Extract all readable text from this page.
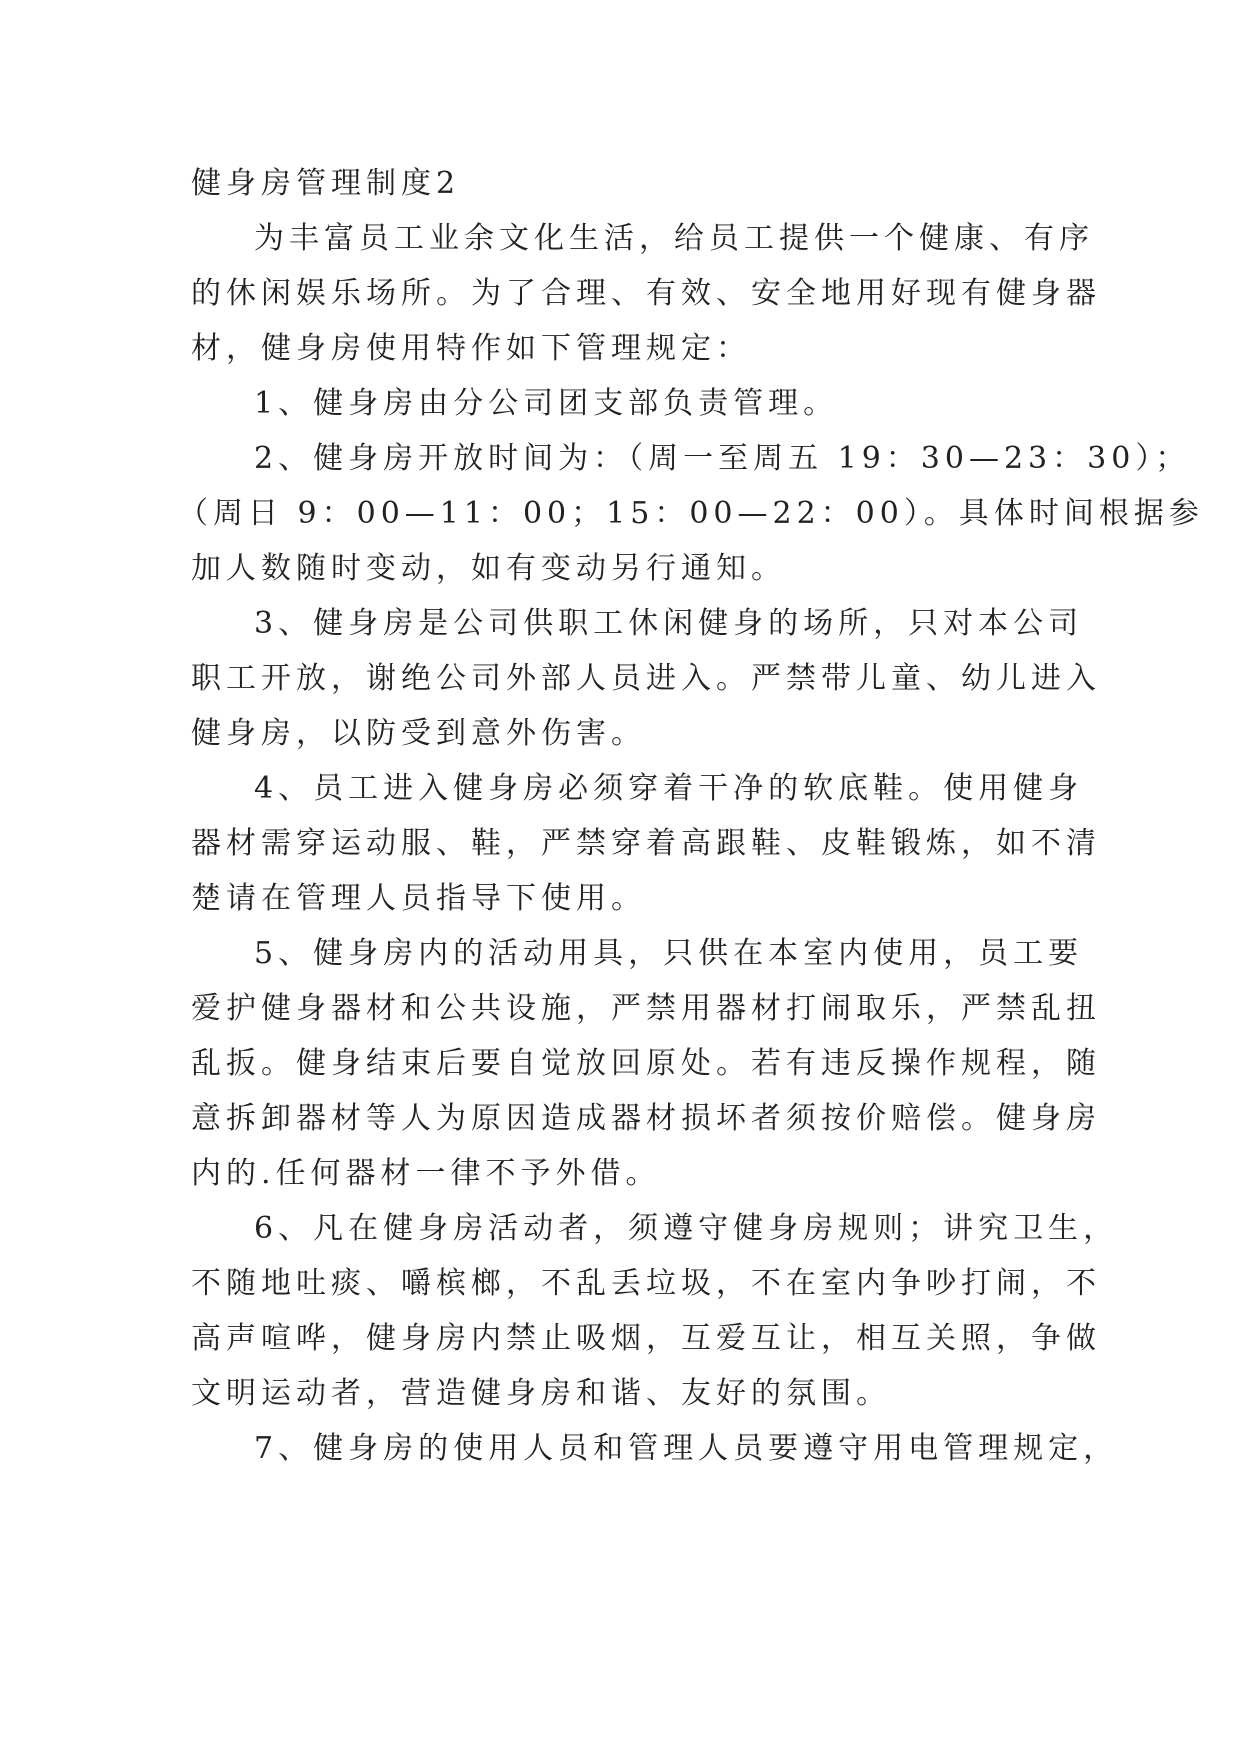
健身房管理制度2

为丰富员工业余文化生活，给员工提供一个健康、有序

的休闲娱乐场所。为了合理、有效、安全地用好现有健身器

材，健身房使用特作如下管理规定：

1、健身房由分公司团支部负责管理。

2、健身房开放时间为：（周一至周五 19：30—23：30）；

（周日 9：00—11：00；15：00—22：00）。具体时间根据参

加人数随时变动，如有变动另行通知。

3、健身房是公司供职工休闲健身的场所，只对本公司

职工开放，谢绝公司外部人员进入。严禁带儿童、幼儿进入

健身房，以防受到意外伤害。

4、员工进入健身房必须穿着干净的软底鞋。使用健身

器材需穿运动服、鞋，严禁穿着高跟鞋、皮鞋锻炼，如不清

楚请在管理人员指导下使用。

5、健身房内的活动用具，只供在本室内使用，员工要

爱护健身器材和公共设施，严禁用器材打闹取乐，严禁乱扭

乱扳。健身结束后要自觉放回原处。若有违反操作规程，随

意拆卸器材等人为原因造成器材损坏者须按价赔偿。健身房

内的.任何器材一律不予外借。

6、凡在健身房活动者，须遵守健身房规则；讲究卫生，

不随地吐痰、嚼槟榔，不乱丢垃圾，不在室内争吵打闹，不

高声喧哗，健身房内禁止吸烟，互爱互让，相互关照，争做

文明运动者，营造健身房和谐、友好的氛围。

7、健身房的使用人员和管理人员要遵守用电管理规定，
